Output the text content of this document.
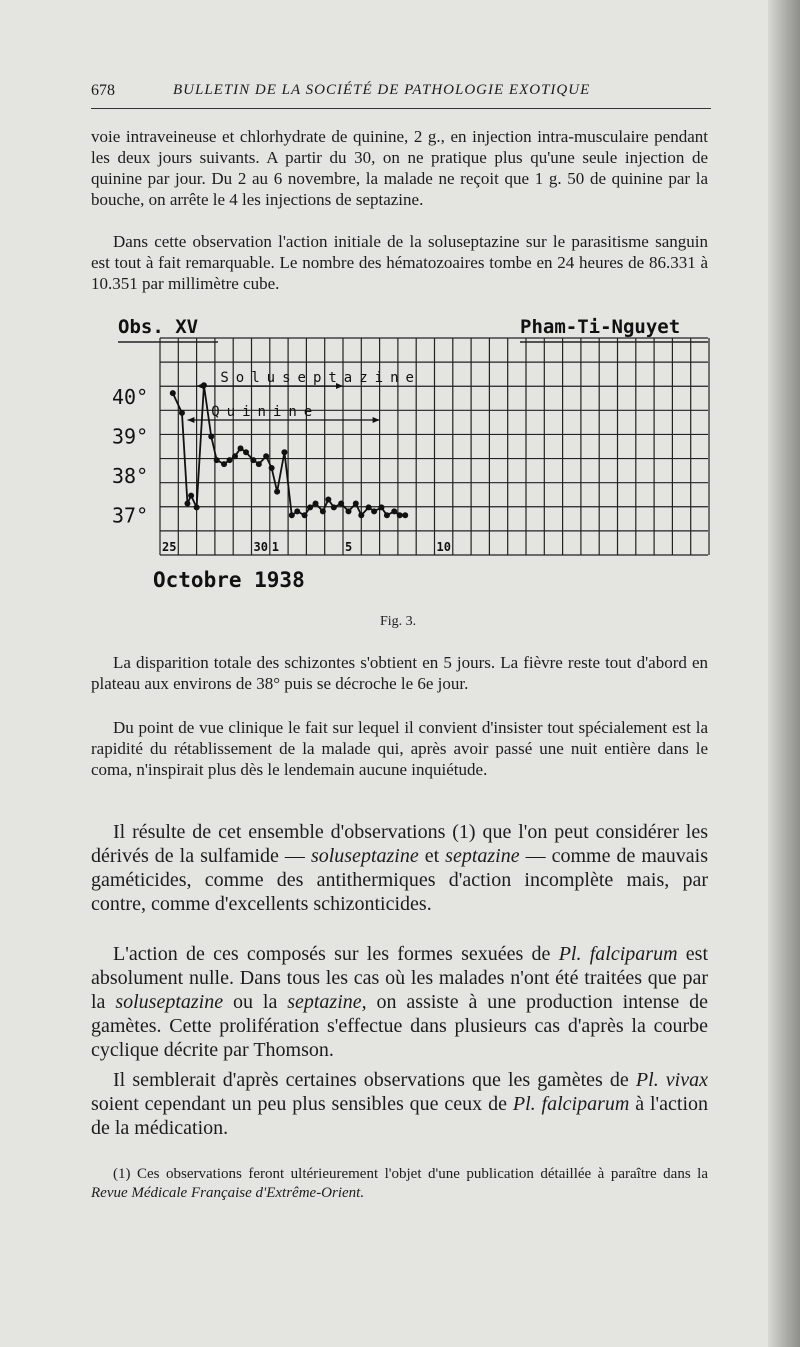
678	BULLETIN DE LA SOCIÉTÉ DE PATHOLOGIE EXOTIQUE

voie intraveineuse et chlorhydrate de quinine, 2 g., en injection intra-musculaire pendant les deux jours suivants. A partir du 30, on ne pratique plus qu'une seule injection de quinine par jour. Du 2 au 6 novembre, la malade ne reçoit que 1 g. 50 de quinine par la bouche, on arrête le 4 les injections de septazine.

Dans cette observation l'action initiale de la soluseptazine sur le parasitisme sanguin est tout à fait remarquable. Le nombre des hématozoaires tombe en 24 heures de 86.331 à 10.351 par millimètre cube.

Soluseptazine
Quinine
Obs. XV	Pham-Ti-Nguyet
40°
39°
38°
37°
25	30 1	5	10
Octobre 1938
Fig. 3.

La disparition totale des schizontes s'obtient en 5 jours. La fièvre reste tout d'abord en plateau aux environs de 38° puis se décroche le 6e jour.

Du point de vue clinique le fait sur lequel il convient d'insister tout spécialement est la rapidité du rétablissement de la malade qui, après avoir passé une nuit entière dans le coma, n'inspirait plus dès le lendemain aucune inquiétude.

Il résulte de cet ensemble d'observations (1) que l'on peut considérer les dérivés de la sulfamide — soluseptazine et septazine — comme de mauvais gaméticides, comme des antithermiques d'action incomplète mais, par contre, comme d'excellents schizonticides.

L'action de ces composés sur les formes sexuées de Pl. falciparum est absolument nulle. Dans tous les cas où les malades n'ont été traitées que par la soluseptazine ou la septazine, on assiste à une production intense de gamètes. Cette prolifération s'effectue dans plusieurs cas d'après la courbe cyclique décrite par Thomson.

Il semblerait d'après certaines observations que les gamètes de Pl. vivax soient cependant un peu plus sensibles que ceux de Pl. falciparum à l'action de la médication.

(1) Ces observations feront ultérieurement l'objet d'une publication détaillée à paraître dans la Revue Médicale Française d'Extrême-Orient.
